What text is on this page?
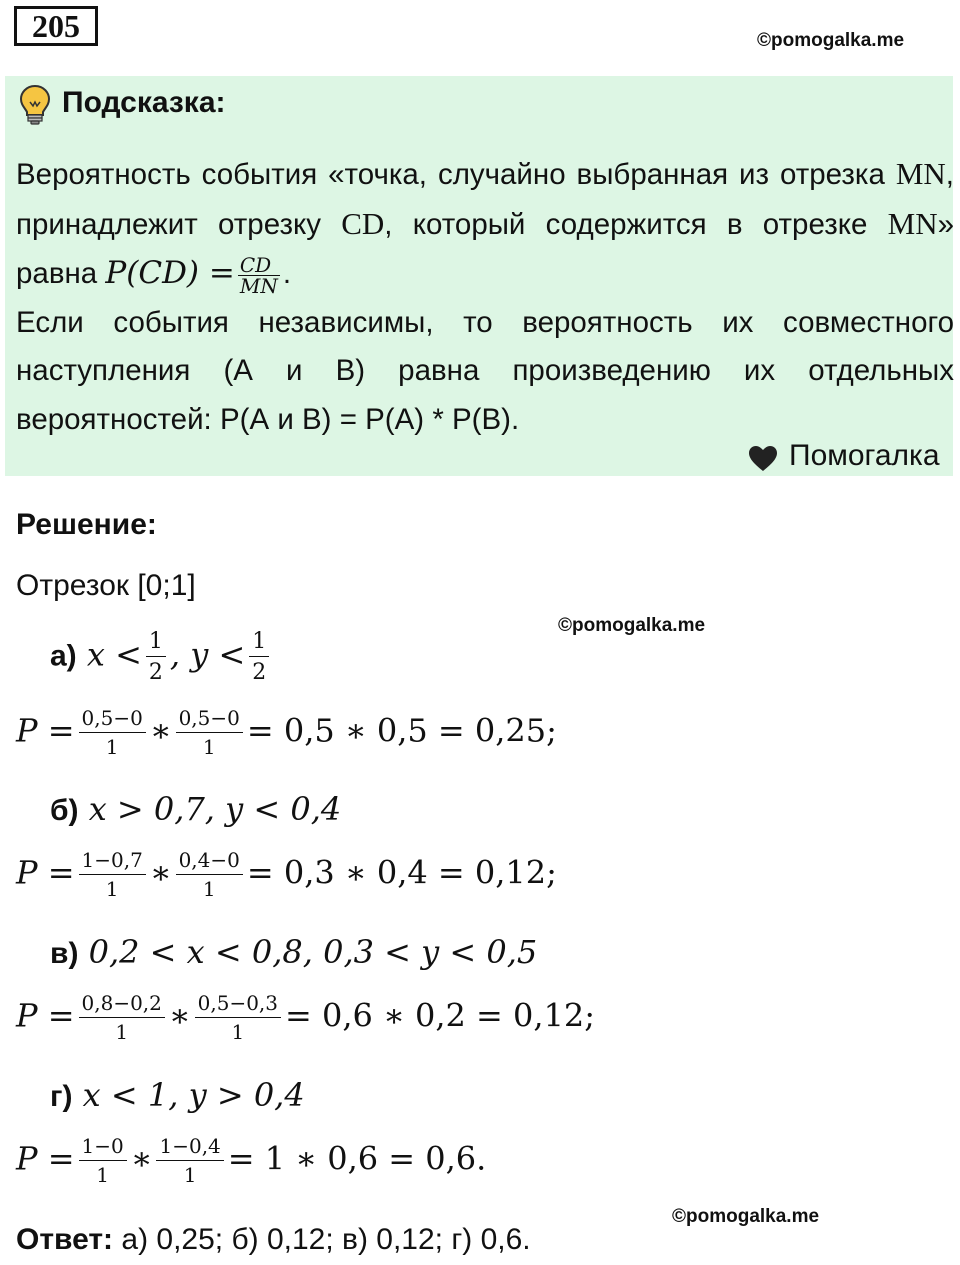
205	©pomogalka.me
Подсказка:

Вероятность события «точка, случайно выбранная из отрезка MN, принадлежит отрезку CD, который содержится в отрезке MN» равна $P(CD) = \frac{CD}{MN}$ .

Если события независимы, то вероятность их совместного наступления (А и В) равна произведению их отдельных вероятностей: Р(А и В) = Р(А) * Р(В).

Помогалка
Решение:
Отрезок [0;1]
©pomogalka.me
а) $x < \frac{1}{2}$ , $y < \frac{1}{2}$
$P = \frac{0,5-0}{1}$ ∗ $\frac{0,5-0}{1} = 0,5$ ∗ 0,5 = 0,25;
б) x > 0,7, y < 0,4
$P = \frac{1-0,7}{1}$ ∗ $\frac{0,4-0}{1} = 0,3$ ∗ 0,4 = 0,12;
в) 0,2 < x < 0,8, 0,3 < y < 0,5
$P = \frac{0,8-0,2}{1}$ ∗ $\frac{0,5-0,3}{1} = 0,6$ ∗ 0,2 = 0,12;
г) x < 1, y > 0,4
$P = \frac{1-0}{1}$ ∗ $\frac{1-0,4}{1} = 1$ ∗ 0,6 = 0,6.
©pomogalka.me
Ответ: а) 0,25; б) 0,12; в) 0,12; г) 0,6.
